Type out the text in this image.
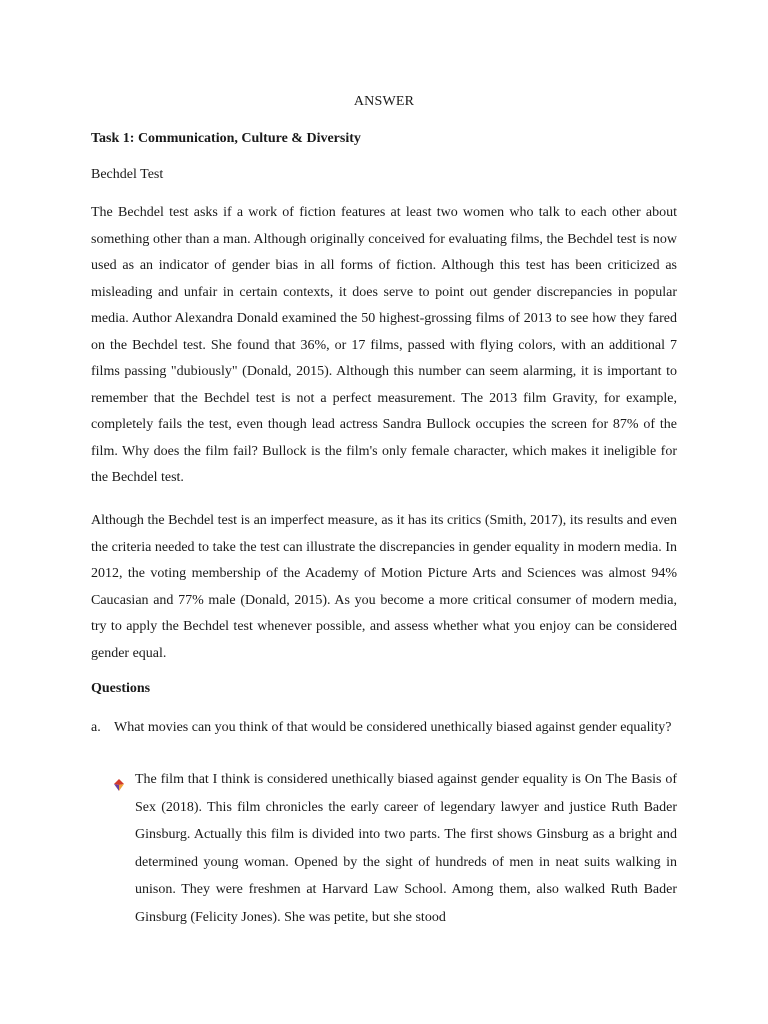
ANSWER
Task 1: Communication, Culture & Diversity
Bechdel Test

The Bechdel test asks if a work of fiction features at least two women who talk to each other about something other than a man. Although originally conceived for evaluating films, the Bechdel test is now used as an indicator of gender bias in all forms of fiction. Although this test has been criticized as misleading and unfair in certain contexts, it does serve to point out gender discrepancies in popular media. Author Alexandra Donald examined the 50 highest-grossing films of 2013 to see how they fared on the Bechdel test. She found that 36%, or 17 films, passed with flying colors, with an additional 7 films passing "dubiously" (Donald, 2015). Although this number can seem alarming, it is important to remember that the Bechdel test is not a perfect measurement. The 2013 film Gravity, for example, completely fails the test, even though lead actress Sandra Bullock occupies the screen for 87% of the film. Why does the film fail? Bullock is the film's only female character, which makes it ineligible for the Bechdel test.

Although the Bechdel test is an imperfect measure, as it has its critics (Smith, 2017), its results and even the criteria needed to take the test can illustrate the discrepancies in gender equality in modern media. In 2012, the voting membership of the Academy of Motion Picture Arts and Sciences was almost 94% Caucasian and 77% male (Donald, 2015). As you become a more critical consumer of modern media, try to apply the Bechdel test whenever possible, and assess whether what you enjoy can be considered gender equal.

Questions
a. What movies can you think of that would be considered unethically biased against gender equality?
The film that I think is considered unethically biased against gender equality is On The Basis of Sex (2018). This film chronicles the early career of legendary lawyer and justice Ruth Bader Ginsburg. Actually this film is divided into two parts. The first shows Ginsburg as a bright and determined young woman. Opened by the sight of hundreds of men in neat suits walking in unison. They were freshmen at Harvard Law School. Among them, also walked Ruth Bader Ginsburg (Felicity Jones). She was petite, but she stood
